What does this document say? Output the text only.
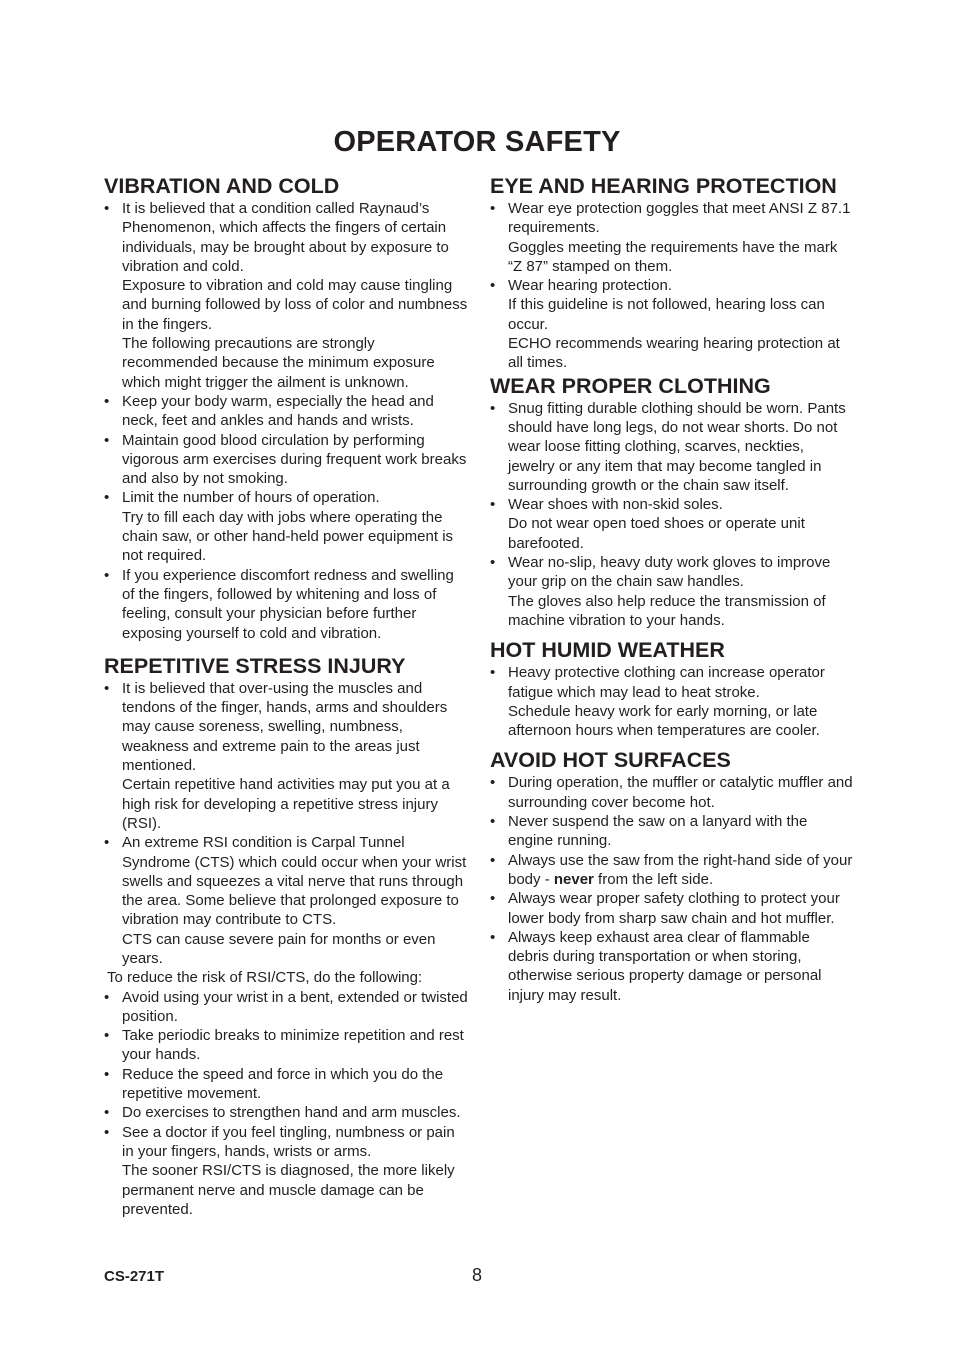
OPERATOR SAFETY
VIBRATION AND COLD
• It is believed that a condition called Raynaud’s Phenomenon, which affects the fingers of certain individuals, may be brought about by exposure to vibration and cold.
Exposure to vibration and cold may cause tingling and burning followed by loss of color and numbness in the fingers.
The following precautions are strongly recommended because the minimum exposure which might trigger the ailment is unknown.
• Keep your body warm, especially the head and neck, feet and ankles and hands and wrists.
• Maintain good blood circulation by performing vigorous arm exercises during frequent work breaks and also by not smoking.
• Limit the number of hours of operation.
Try to fill each day with jobs where operating the chain saw, or other hand-held power equipment is not required.
• If you experience discomfort redness and swelling of the fingers, followed by whitening and loss of feeling, consult your physician before further exposing yourself to cold and vibration.
REPETITIVE STRESS INJURY
• It is believed that over-using the muscles and tendons of the finger, hands, arms and shoulders may cause soreness, swelling, numbness, weakness and extreme pain to the areas just mentioned.
Certain repetitive hand activities may put you at a high risk for developing a repetitive stress injury (RSI).
• An extreme RSI condition is Carpal Tunnel Syndrome (CTS) which could occur when your wrist swells and squeezes a vital nerve that runs through the area. Some believe that prolonged exposure to vibration may contribute to CTS.
CTS can cause severe pain for months or even years.
To reduce the risk of RSI/CTS, do the following:
• Avoid using your wrist in a bent, extended or twisted position.
• Take periodic breaks to minimize repetition and rest your hands.
• Reduce the speed and force in which you do the repetitive movement.
• Do exercises to strengthen hand and arm muscles.
• See a doctor if you feel tingling, numbness or pain in your fingers, hands, wrists or arms.
The sooner RSI/CTS is diagnosed, the more likely permanent nerve and muscle damage can be prevented.
EYE AND HEARING PROTECTION
• Wear eye protection goggles that meet ANSI Z 87.1 requirements.
Goggles meeting the requirements have the mark “Z 87” stamped on them.
• Wear hearing protection.
If this guideline is not followed, hearing loss can occur.
ECHO recommends wearing hearing protection at all times.
WEAR PROPER CLOTHING
• Snug fitting durable clothing should be worn. Pants should have long legs, do not wear shorts. Do not wear loose fitting clothing, scarves, neckties, jewelry or any item that may become tangled in surrounding growth or the chain saw itself.
• Wear shoes with non-skid soles.
Do not wear open toed shoes or operate unit barefooted.
• Wear no-slip, heavy duty work gloves to improve your grip on the chain saw handles.
The gloves also help reduce the transmission of machine vibration to your hands.
HOT HUMID WEATHER
• Heavy protective clothing can increase operator fatigue which may lead to heat stroke.
Schedule heavy work for early morning, or late afternoon hours when temperatures are cooler.
AVOID HOT SURFACES
• During operation, the muffler or catalytic muffler and surrounding cover become hot.
• Never suspend the saw on a lanyard with the engine running.
• Always use the saw from the right-hand side of your body - never from the left side.
• Always wear proper safety clothing to protect your lower body from sharp saw chain and hot muffler.
• Always keep exhaust area clear of flammable debris during transportation or when storing, otherwise serious property damage or personal injury may result.
CS-271T	8
